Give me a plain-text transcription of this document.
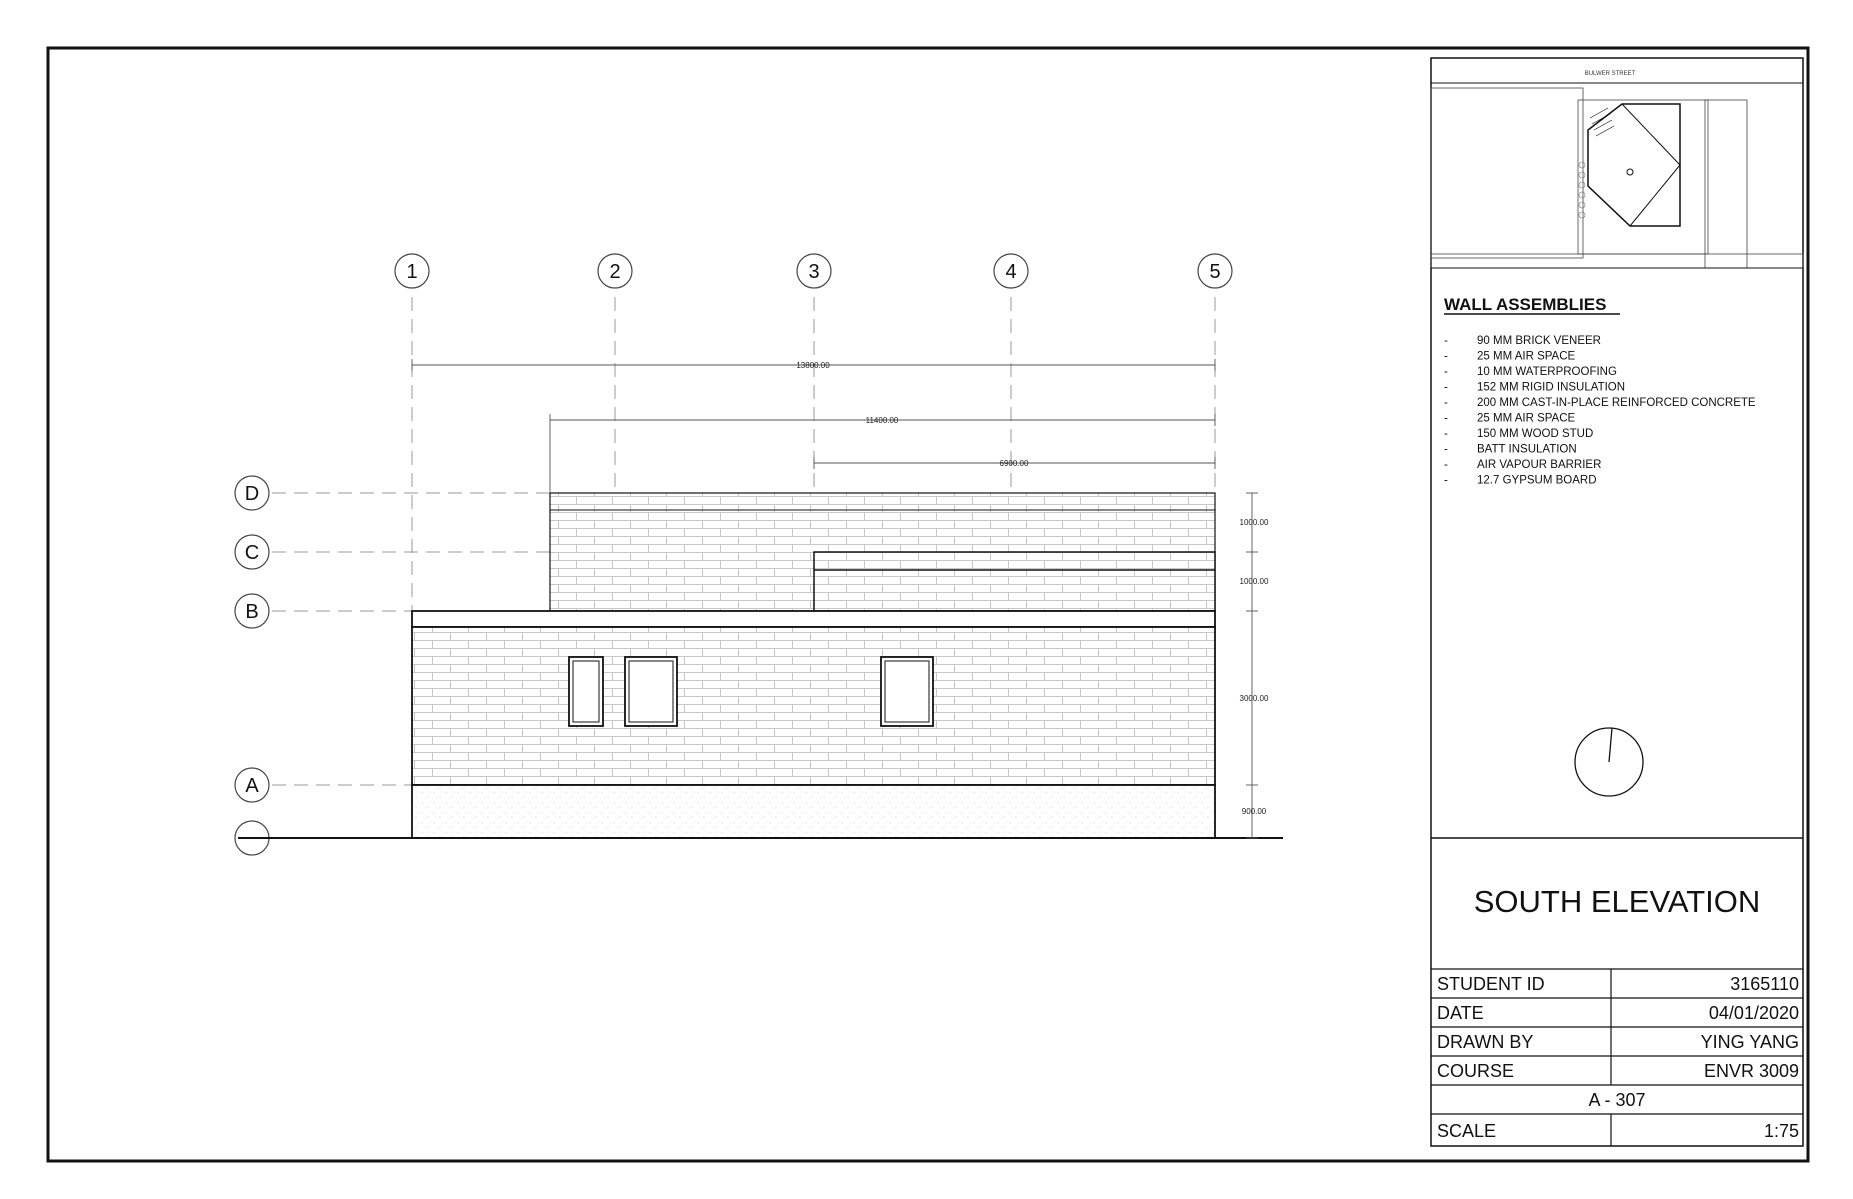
1	2	3	4	5
D
C
B
A
13800.00
11400.00
6900.00
1000.00
1000.00
3000.00
900.00
BULWER STREET
WALL ASSEMBLIES
-	90 MM BRICK VENEER
-	25 MM AIR SPACE
-	10 MM WATERPROOFING
-	152 MM RIGID INSULATION
-	200 MM CAST-IN-PLACE REINFORCED CONCRETE
-	25 MM AIR SPACE
-	150 MM WOOD STUD
-	BATT INSULATION
-	AIR VAPOUR BARRIER
-	12.7 GYPSUM BOARD
SOUTH ELEVATION
STUDENT ID	3165110
DATE	04/01/2020
DRAWN BY	YING YANG
COURSE	ENVR 3009
A - 307
SCALE	1:75
